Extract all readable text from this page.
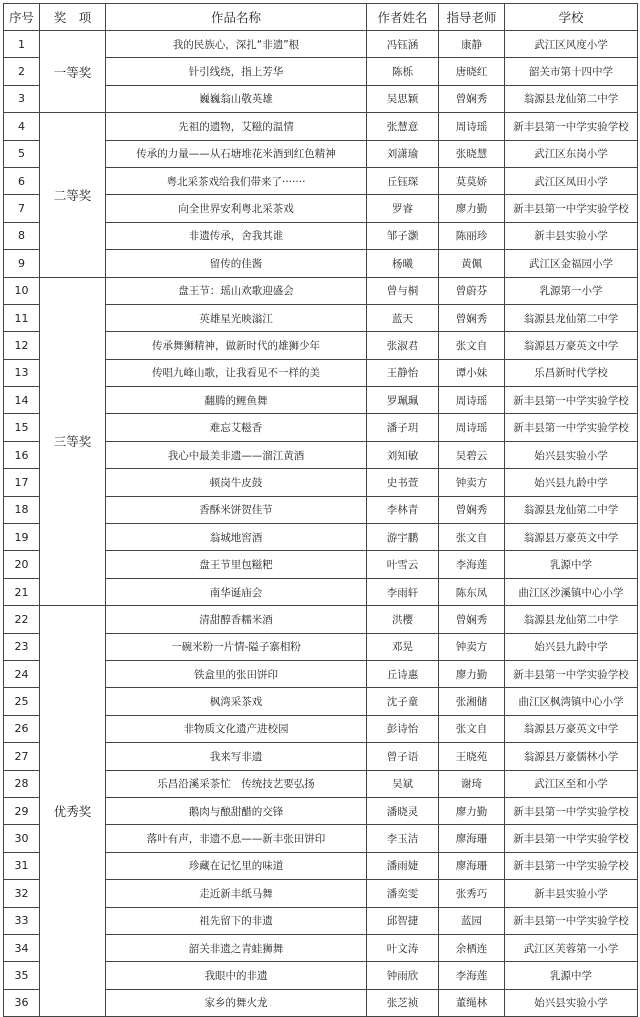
序号	奖　项	作品名称	作者姓名	指导老师	学校
1	一等奖	我的民族心，深扎“非遗”根	冯钰涵	康静	武江区风度小学
2		针引线绕，指上芳华	陈栎	唐晓红	韶关市第十四中学
3		巍巍翁山敬英雄	吴思颖	曾娴秀	翁源县龙仙第二中学
4	二等奖	先祖的遗物，艾糍的温情	张慧意	周诗瑶	新丰县第一中学实验学校
5		传承的力量——从石塘堆花米酒到红色精神	刘潇瑜	张晓慧	武江区东岗小学
6		粤北采茶戏给我们带来了·······	丘钰琛	莫莫娇	武江区凤田小学
7		向全世界安利粤北采茶戏	罗睿	廖力勤	新丰县第一中学实验学校
8		非遗传承，舍我其谁	邹子灏	陈丽珍	新丰县实验小学
9		留传的佳酱	杨曦	黄佩	武江区金福园小学
10	三等奖	盘王节：瑶山欢歌迎盛会	曾与桐	曾蔚芬	乳源第一小学
11		英雄星光映滃江	蓝天	曾娴秀	翁源县龙仙第二中学
12		传承舞狮精神，做新时代的雄狮少年	张淑君	张文自	翁源县万豪英文中学
13		传唱九峰山歌，让我看见不一样的美	王静怡	谭小妹	乐昌新时代学校
14		翻腾的鲤鱼舞	罗珮珮	周诗瑶	新丰县第一中学实验学校
15		难忘艾糍香	潘子玥	周诗瑶	新丰县第一中学实验学校
16		我心中最美非遗——溜江黄酒	刘知敏	吴碧云	始兴县实验小学
17		顿岗牛皮鼓	史书萱	钟卖方	始兴县九龄中学
18		香酥米饼贺佳节	李林青	曾娴秀	翁源县龙仙第二中学
19		翁城地窖酒	游宇鹏	张文自	翁源县万豪英文中学
20		盘王节里包糍粑	叶雪云	李海莲	乳源中学
21		南华诞庙会	李雨轩	陈东凤	曲江区沙溪镇中心小学
22	优秀奖	清甜醇香糯米酒	洪樱	曾娴秀	翁源县龙仙第二中学
23		一碗米粉一片情-隘子寨相粉	邓晃	钟卖方	始兴县九龄中学
24		铁盒里的张田饼印	丘诗惠	廖力勤	新丰县第一中学实验学校
25		枫湾采茶戏	沈子童	张湘储	曲江区枫湾镇中心小学
26		非物质文化遗产进校园	彭诗怡	张文自	翁源县万豪英文中学
27		我来写非遗	曾子语	王晓苑	翁源县万豪儒林小学
28		乐昌沿溪采茶忙　传统技艺要弘扬	吴斌	谢琦	武江区至和小学
29		鹅肉与酿甜醋的交锋	潘晓灵	廖力勤	新丰县第一中学实验学校
30		落叶有声，非遗不息——新丰张田饼印	李玉洁	廖海珊	新丰县第一中学实验学校
31		珍藏在记忆里的味道	潘雨婕	廖海珊	新丰县第一中学实验学校
32		走近新丰纸马舞	潘奕雯	张秀巧	新丰县实验小学
33		祖先留下的非遗	邱智捷	蓝园	新丰县第一中学实验学校
34		韶关非遗之青蛙狮舞	叶文涛	余栖连	武江区芙蓉第一小学
35		我眼中的非遗	钟雨欣	李海莲	乳源中学
36		家乡的舞火龙	张芝祯	董绳林	始兴县实验小学
